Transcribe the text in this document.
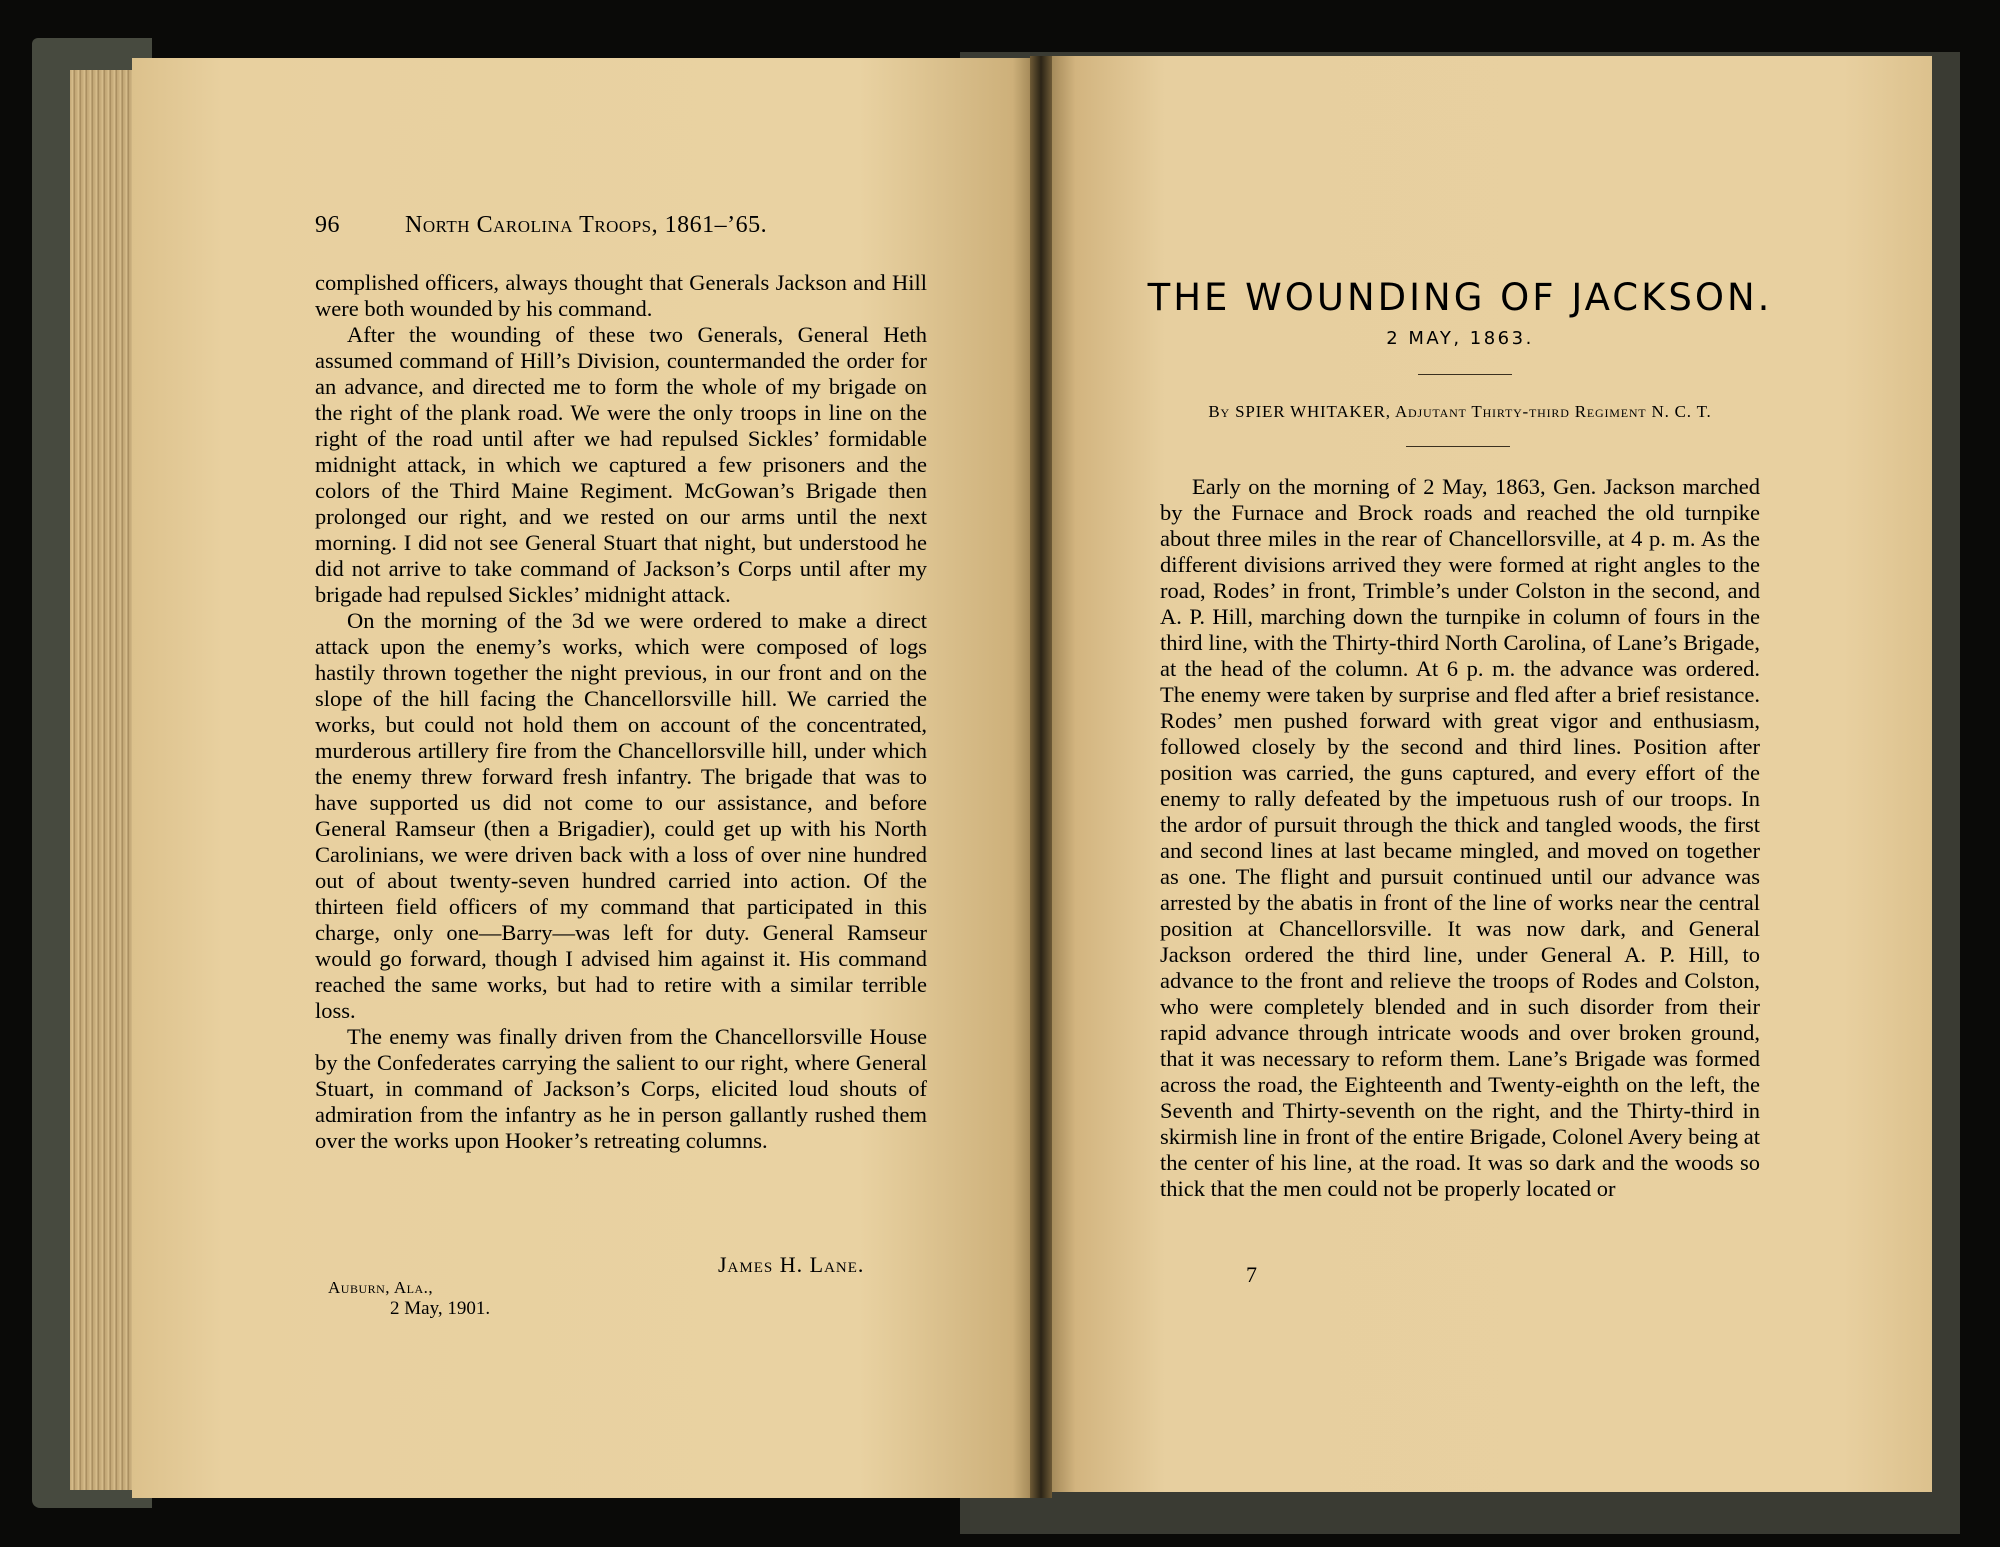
96	North Carolina Troops, 1861–’65.

complished officers, always thought that Generals Jackson and Hill were both wounded by his command.

After the wounding of these two Generals, General Heth assumed command of Hill’s Division, countermanded the order for an advance, and directed me to form the whole of my brigade on the right of the plank road. We were the only troops in line on the right of the road until after we had repulsed Sickles’ formidable midnight attack, in which we captured a few prisoners and the colors of the Third Maine Regiment. McGowan’s Brigade then prolonged our right, and we rested on our arms until the next morning. I did not see General Stuart that night, but understood he did not arrive to take command of Jackson’s Corps until after my brigade had repulsed Sickles’ midnight attack.

On the morning of the 3d we were ordered to make a direct attack upon the enemy’s works, which were composed of logs hastily thrown together the night previous, in our front and on the slope of the hill facing the Chancellorsville hill. We carried the works, but could not hold them on account of the concentrated, murderous artillery fire from the Chancellorsville hill, under which the enemy threw forward fresh infantry. The brigade that was to have supported us did not come to our assistance, and before General Ramseur (then a Brigadier), could get up with his North Carolinians, we were driven back with a loss of over nine hundred out of about twenty-seven hundred carried into action. Of the thirteen field officers of my command that participated in this charge, only one—Barry—was left for duty. General Ramseur would go forward, though I advised him against it. His command reached the same works, but had to retire with a similar terrible loss.

The enemy was finally driven from the Chancellorsville House by the Confederates carrying the salient to our right, where General Stuart, in command of Jackson’s Corps, elicited loud shouts of admiration from the infantry as he in person gallantly rushed them over the works upon Hooker’s retreating columns.

James H. Lane.
Auburn, Ala.,
2 May, 1901.
THE WOUNDING OF JACKSON.
2 MAY, 1863.
By SPIER WHITAKER, Adjutant Thirty-third Regiment N. C. T.

Early on the morning of 2 May, 1863, Gen. Jackson marched by the Furnace and Brock roads and reached the old turnpike about three miles in the rear of Chancellorsville, at 4 p. m. As the different divisions arrived they were formed at right angles to the road, Rodes’ in front, Trimble’s under Colston in the second, and A. P. Hill, marching down the turnpike in column of fours in the third line, with the Thirty-third North Carolina, of Lane’s Brigade, at the head of the column. At 6 p. m. the advance was ordered. The enemy were taken by surprise and fled after a brief resistance. Rodes’ men pushed forward with great vigor and enthusiasm, followed closely by the second and third lines. Position after position was carried, the guns captured, and every effort of the enemy to rally defeated by the impetuous rush of our troops. In the ardor of pursuit through the thick and tangled woods, the first and second lines at last became mingled, and moved on together as one. The flight and pursuit continued until our advance was arrested by the abatis in front of the line of works near the central position at Chancellorsville. It was now dark, and General Jackson ordered the third line, under General A. P. Hill, to advance to the front and relieve the troops of Rodes and Colston, who were completely blended and in such disorder from their rapid advance through intricate woods and over broken ground, that it was necessary to reform them. Lane’s Brigade was formed across the road, the Eighteenth and Twenty-eighth on the left, the Seventh and Thirty-seventh on the right, and the Thirty-third in skirmish line in front of the entire Brigade, Colonel Avery being at the center of his line, at the road. It was so dark and the woods so thick that the men could not be properly located or

7
